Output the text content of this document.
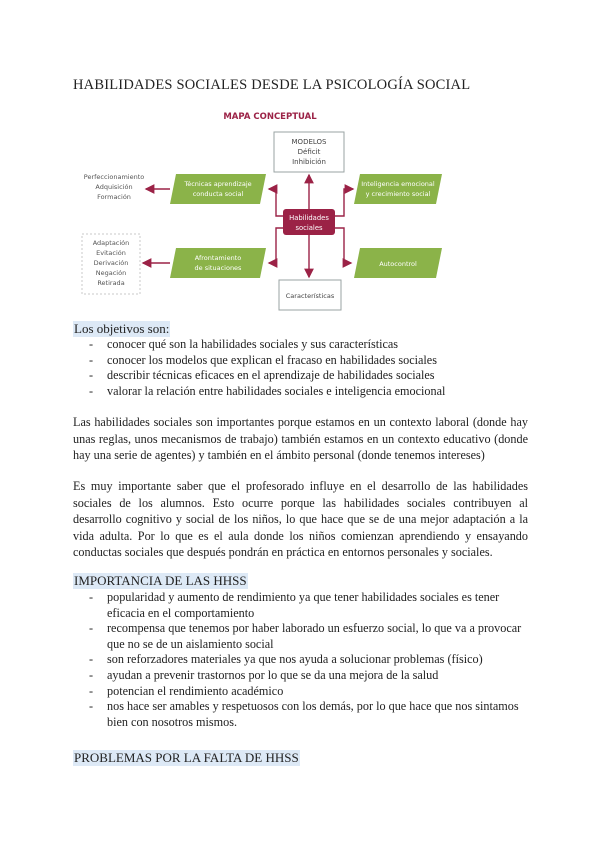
HABILIDADES SOCIALES DESDE LA PSICOLOGÍA SOCIAL
MAPA CONCEPTUAL
MODELOS
Déficit
Inhibición
Características
Habilidades
sociales
Técnicas aprendizaje
conducta social
Afrontamiento
de situaciones
Inteligencia emocional
y crecimiento social
Autocontrol
Perfeccionamiento
Adquisición
Formación
Adaptación
Evitación
Derivación
Negación
Retirada
Los objetivos son:
- conocer qué son la habilidades sociales y sus características
- conocer los modelos que explican el fracaso en habilidades sociales
- describir técnicas eficaces en el aprendizaje de habilidades sociales
- valorar la relación entre habilidades sociales e inteligencia emocional

Las habilidades sociales son importantes porque estamos en un contexto laboral (donde hay unas reglas, unos mecanismos de trabajo) también estamos en un contexto educativo (donde hay una serie de agentes) y también en el ámbito personal (donde tenemos intereses)

Es muy importante saber que el profesorado influye en el desarrollo de las habilidades sociales de los alumnos. Esto ocurre porque las habilidades sociales contribuyen al desarrollo cognitivo y social de los niños, lo que hace que se de una mejor adaptación a la vida adulta. Por lo que es el aula donde los niños comienzan aprendiendo y ensayando conductas sociales que después pondrán en práctica en entornos personales y sociales.

IMPORTANCIA DE LAS HHSS
- popularidad y aumento de rendimiento ya que tener habilidades sociales es tener eficacia en el comportamiento
- recompensa que tenemos por haber laborado un esfuerzo social, lo que va a provocar que no se de un aislamiento social
- son reforzadores materiales ya que nos ayuda a solucionar problemas (físico)
- ayudan a prevenir trastornos por lo que se da una mejora de la salud
- potencian el rendimiento académico
- nos hace ser amables y respetuosos con los demás, por lo que hace que nos sintamos bien con nosotros mismos.
PROBLEMAS POR LA FALTA DE HHSS
